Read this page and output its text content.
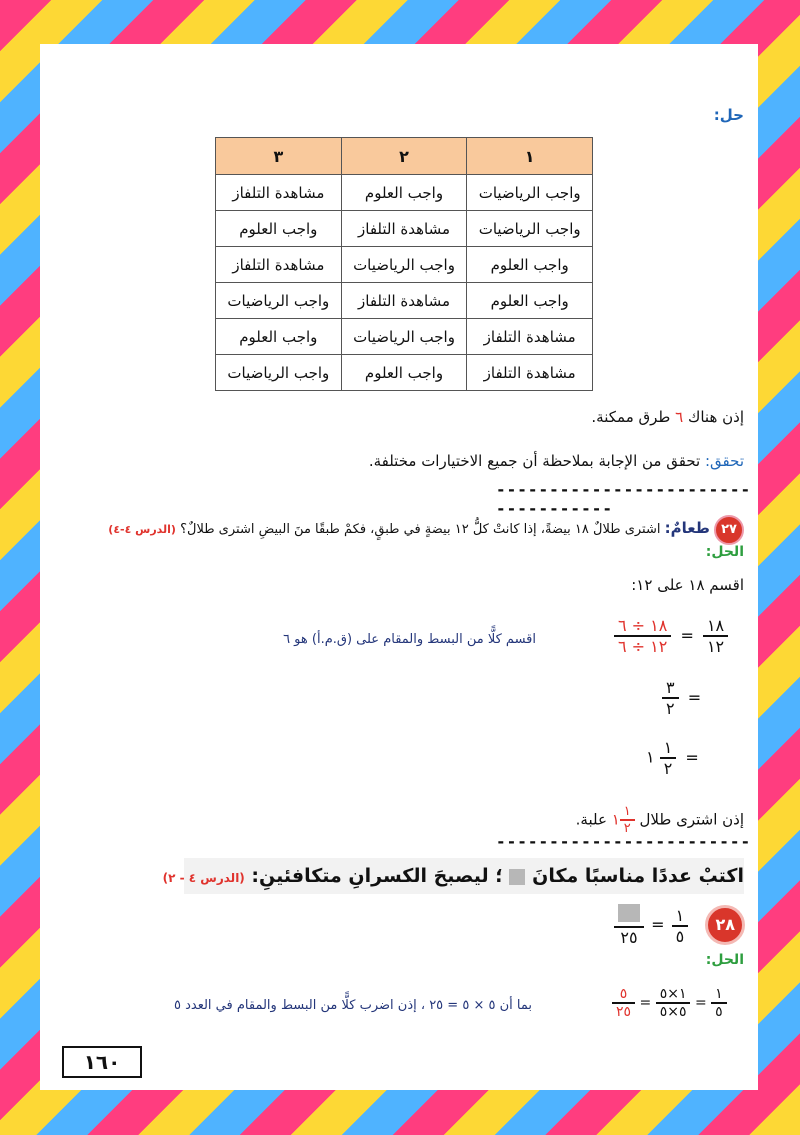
حل:
١	٢	٣
واجب الرياضيات	واجب العلوم	مشاهدة التلفاز
واجب الرياضيات	مشاهدة التلفاز	واجب العلوم
واجب العلوم	واجب الرياضيات	مشاهدة التلفاز
واجب العلوم	مشاهدة التلفاز	واجب الرياضيات
مشاهدة التلفاز	واجب الرياضيات	واجب العلوم
مشاهدة التلفاز	واجب العلوم	واجب الرياضيات
إذن هناك ٦ طرق ممكنة.
تحقق: تحقق من الإجابة بملاحظة أن جميع الاختيارات مختلفة.
-----------------------------------
٢٧ طعامٌ: اشترى طلالٌ ١٨ بيضةً، إذا كانتْ كلُّ ١٢ بيضةٍ في طبقٍ، فكمْ طبقًا منَ البيضِ اشترى طلالٌ؟ (الدرس ٤-٤)
الحل:
اقسم ١٨ على ١٢:
$\frac{١٨ \div ٦}{١٢ \div ٦} = \frac{١٨}{١٢}$
اقسم كلًّا من البسط والمقام على (ق.م.أ) هو ٦
$\frac{٣}{٢}$ =
١ $\frac{١}{٢}$ =
إذن اشترى طلال ١ $\frac{١}{٢}$
علبة.
------------------------
اكتبْ عددًا مناسبًا مكانَ  ؛ ليصبحَ الكسرانِ متكافئينِ: (الدرس ٤ - ٢)
٢٥
= $\frac{١}{٥}$ ٢٨
الحل:
$\frac{٥}{٢٥} = \frac{١\times ٥}{٥\times ٥} = \frac{١}{٥}$
بما أن ٥ × ٥ = ٢٥ ، إذن اضرب كلًّا من البسط والمقام في العدد ٥
١٦٠
